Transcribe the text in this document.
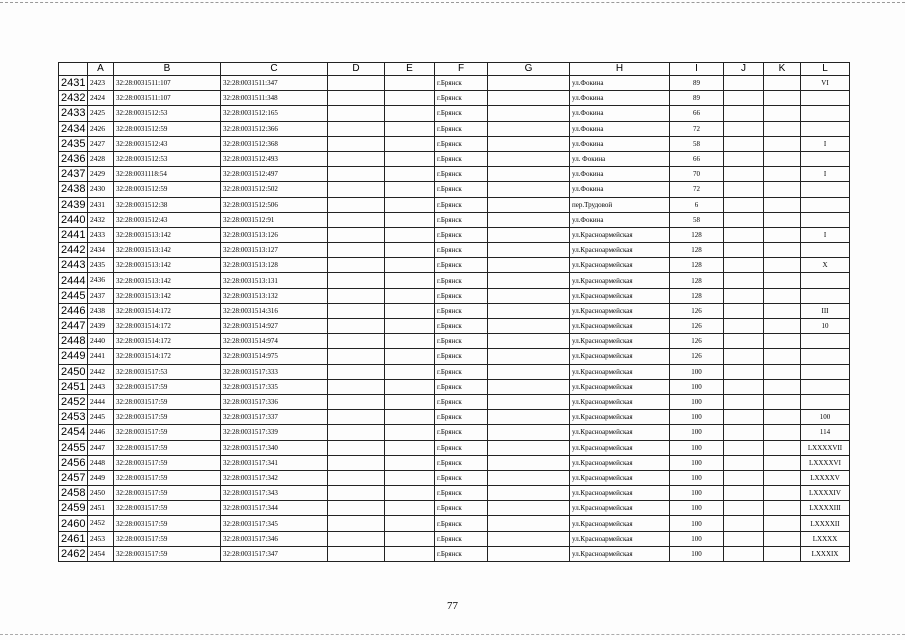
	A	B	C	D	E	F	G	H	I	J	K	L
2431	2423	32:28:0031511:107	32:28:0031511:347			г.Брянск		ул.Фокина	89			VI
2432	2424	32:28:0031511:107	32:28:0031511:348			г.Брянск		ул.Фокина	89			
2433	2425	32:28:0031512:53	32:28:0031512:165			г.Брянск		ул.Фокина	66			
2434	2426	32:28:0031512:59	32:28:0031512:366			г.Брянск		ул.Фокина	72			
2435	2427	32:28:0031512:43	32:28:0031512:368			г.Брянск		ул.Фокина	58			I
2436	2428	32:28:0031512:53	32:28:0031512:493			г.Брянск		ул. Фокина	66			
2437	2429	32:28:0031118:54	32:28:0031512:497			г.Брянск		ул.Фокина	70			I
2438	2430	32:28:0031512:59	32:28:0031512:502			г.Брянск		ул.Фокина	72			
2439	2431	32:28:0031512:38	32:28:0031512:506			г.Брянск		пер.Трудовой	6			
2440	2432	32:28:0031512:43	32:28:0031512:91			г.Брянск		ул.Фокина	58			
2441	2433	32:28:0031513:142	32:28:0031513:126			г.Брянск		ул.Красноармейская	128			I
2442	2434	32:28:0031513:142	32:28:0031513:127			г.Брянск		ул.Красноармейская	128			
2443	2435	32:28:0031513:142	32:28:0031513:128			г.Брянск		ул.Красноармейская	128			X
2444	2436	32:28:0031513:142	32:28:0031513:131			г.Брянск		ул.Красноармейская	128			
2445	2437	32:28:0031513:142	32:28:0031513:132			г.Брянск		ул.Красноармейская	128			
2446	2438	32:28:0031514:172	32:28:0031514:316			г.Брянск		ул.Красноармейская	126			III
2447	2439	32:28:0031514:172	32:28:0031514:927			г.Брянск		ул.Красноармейская	126			10
2448	2440	32:28:0031514:172	32:28:0031514:974			г.Брянск		ул.Красноармейская	126			
2449	2441	32:28:0031514:172	32:28:0031514:975			г.Брянск		ул.Красноармейская	126			
2450	2442	32:28:0031517:53	32:28:0031517:333			г.Брянск		ул.Красноармейская	100			
2451	2443	32:28:0031517:59	32:28:0031517:335			г.Брянск		ул.Красноармейская	100			
2452	2444	32:28:0031517:59	32:28:0031517:336			г.Брянск		ул.Красноармейская	100			
2453	2445	32:28:0031517:59	32:28:0031517:337			г.Брянск		ул.Красноармейская	100			100
2454	2446	32:28:0031517:59	32:28:0031517:339			г.Брянск		ул.Красноармейская	100			114
2455	2447	32:28:0031517:59	32:28:0031517:340			г.Брянск		ул.Красноармейская	100			LXXXXVII
2456	2448	32:28:0031517:59	32:28:0031517:341			г.Брянск		ул.Красноармейская	100			LXXXXVI
2457	2449	32:28:0031517:59	32:28:0031517:342			г.Брянск		ул.Красноармейская	100			LXXXXV
2458	2450	32:28:0031517:59	32:28:0031517:343			г.Брянск		ул.Красноармейская	100			LXXXXIV
2459	2451	32:28:0031517:59	32:28:0031517:344			г.Брянск		ул.Красноармейская	100			LXXXXIII
2460	2452	32:28:0031517:59	32:28:0031517:345			г.Брянск		ул.Красноармейская	100			LXXXXII
2461	2453	32:28:0031517:59	32:28:0031517:346			г.Брянск		ул.Красноармейская	100			LXXXX
2462	2454	32:28:0031517:59	32:28:0031517:347			г.Брянск		ул.Красноармейская	100			LXXXIX
77
